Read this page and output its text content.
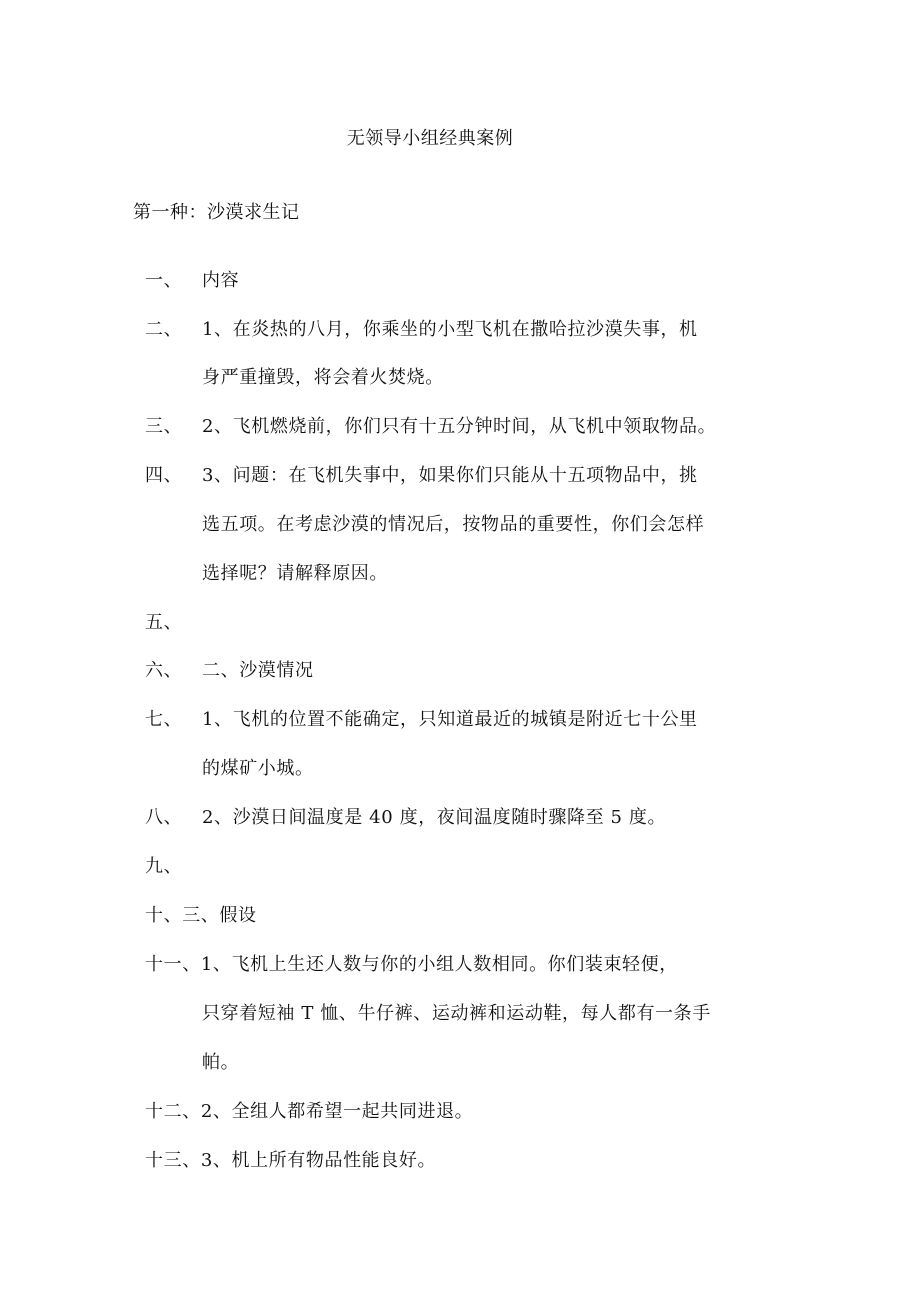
无领导小组经典案例
第一种：沙漠求生记
一、 内容
二、 1、在炎热的八月，你乘坐的小型飞机在撒哈拉沙漠失事，机
身严重撞毁，将会着火焚烧。
三、 2、飞机燃烧前，你们只有十五分钟时间，从飞机中领取物品。
四、 3、问题：在飞机失事中，如果你们只能从十五项物品中，挑
选五项。在考虑沙漠的情况后，按物品的重要性，你们会怎样
选择呢？请解释原因。
五、
六、 二、沙漠情况
七、 1、飞机的位置不能确定，只知道最近的城镇是附近七十公里
的煤矿小城。
八、 2、沙漠日间温度是 40 度，夜间温度随时骤降至 5 度。
九、
十、三、假设
十一、1、飞机上生还人数与你的小组人数相同。你们装束轻便，
只穿着短袖 T 恤、牛仔裤、运动裤和运动鞋，每人都有一条手
帕。
十二、2、全组人都希望一起共同进退。
十三、3、机上所有物品性能良好。
